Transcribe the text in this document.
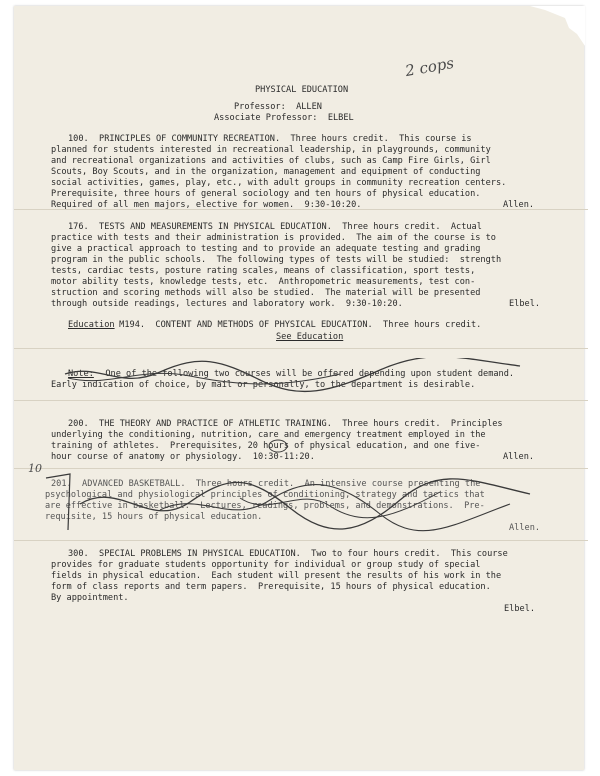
2 cops
PHYSICAL EDUCATION
Professor:  ALLEN
Associate Professor:  ELBEL
100.  PRINCIPLES OF COMMUNITY RECREATION.  Three hours credit.  This course is
planned for students interested in recreational leadership, in playgrounds, community
and recreational organizations and activities of clubs, such as Camp Fire Girls, Girl
Scouts, Boy Scouts, and in the organization, management and equipment of conducting
social activities, games, play, etc., with adult groups in community recreation centers.
Prerequisite, three hours of general sociology and ten hours of physical education.
Required of all men majors, elective for women.  9:30-10:20.	Allen.
176.  TESTS AND MEASUREMENTS IN PHYSICAL EDUCATION.  Three hours credit.  Actual
practice with tests and their administration is provided.  The aim of the course is to
give a practical approach to testing and to provide an adequate testing and grading
program in the public schools.  The following types of tests will be studied:  strength
tests, cardiac tests, posture rating scales, means of classification, sport tests,
motor ability tests, knowledge tests, etc.  Anthropometric measurements, test con-
struction and scoring methods will also be studied.  The material will be presented
through outside readings, lectures and laboratory work.  9:30-10:20.	Elbel.
Education M194.  CONTENT AND METHODS OF PHYSICAL EDUCATION.  Three hours credit.
See Education
Note: One of the following two courses will be offered depending upon student demand.
Early indication of choice, by mail or personally, to the department is desirable.
200.  THE THEORY AND PRACTICE OF ATHLETIC TRAINING.  Three hours credit.  Principles
underlying the conditioning, nutrition, care and emergency treatment employed in the
training of athletes.  Prerequisites, 20 hours of physical education, and one five-
hour course of anatomy or physiology.  10:30-11:20.	Allen.
10
201.  ADVANCED BASKETBALL.  Three hours credit.  An intensive course presenting the
psychological and physiological principles of conditioning, strategy and tactics that
are effective in basketball.  Lectures, readings, problems, and demonstrations.  Pre-
requisite, 15 hours of physical education.
Allen.
300.  SPECIAL PROBLEMS IN PHYSICAL EDUCATION.  Two to four hours credit.  This course
provides for graduate students opportunity for individual or group study of special
fields in physical education.  Each student will present the results of his work in the
form of class reports and term papers.  Prerequisite, 15 hours of physical education.
By appointment.
Elbel.
